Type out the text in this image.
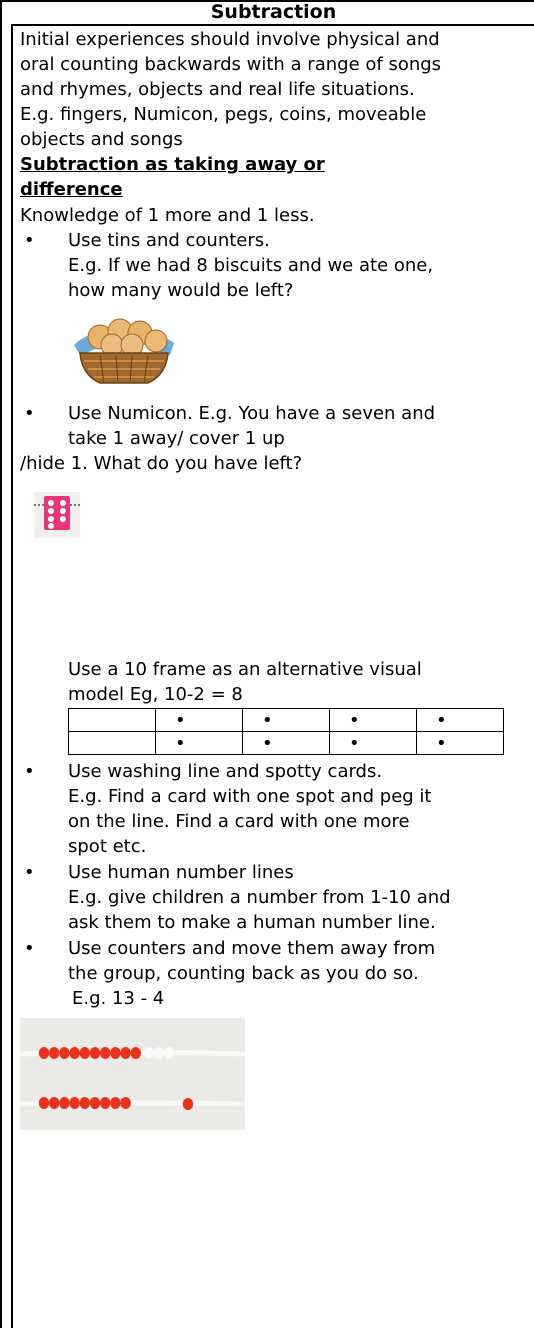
Subtraction
Initial experiences should involve physical and
oral counting backwards with a range of songs
and rhymes, objects and real life situations.
E.g. fingers, Numicon, pegs, coins, moveable
objects and songs
Subtraction as taking away or
difference
Knowledge of 1 more and 1 less.
• Use tins and counters.
E.g. If we had 8 biscuits and we ate one,
how many would be left?
• Use Numicon. E.g. You have a seven and
take 1 away/ cover 1 up
/hide 1. What do you have left?
Use a 10 frame as an alternative visual
model Eg, 10-2 = 8
	•	•	•	•
	•	•	•	•
• Use washing line and spotty cards.
E.g. Find a card with one spot and peg it
on the line. Find a card with one more
spot etc.
• Use human number lines
E.g. give children a number from 1-10 and
ask them to make a human number line.
• Use counters and move them away from
the group, counting back as you do so.
E.g. 13 - 4
